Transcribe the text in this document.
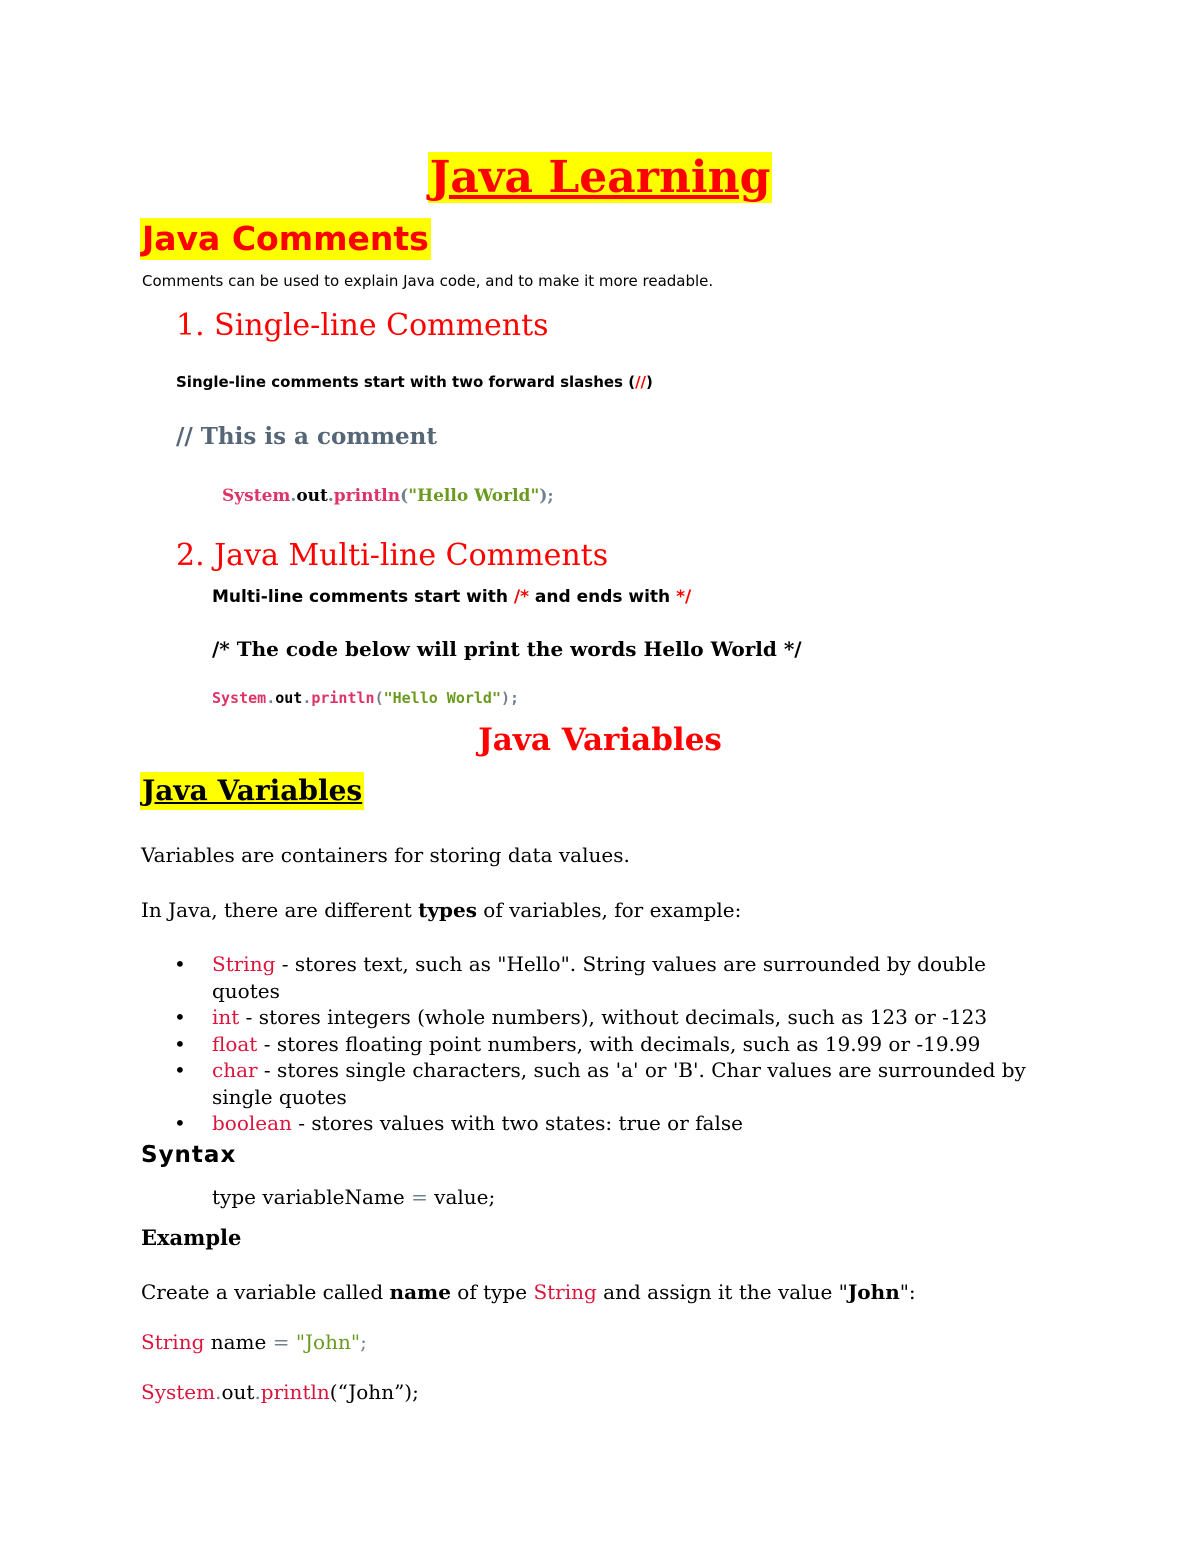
Java Learning
Java Comments
Comments can be used to explain Java code, and to make it more readable.
1. Single-line Comments
Single-line comments start with two forward slashes (//)
// This is a comment
System.out.println("Hello World");
2. Java Multi-line Comments
Multi-line comments start with /* and ends with */
/* The code below will print the words Hello World */
System.out.println("Hello World");
Java Variables
Java Variables
Variables are containers for storing data values.
In Java, there are different types of variables, for example:
• String - stores text, such as "Hello". String values are surrounded by double quotes
• int - stores integers (whole numbers), without decimals, such as 123 or -123
• float - stores floating point numbers, with decimals, such as 19.99 or -19.99
• char - stores single characters, such as 'a' or 'B'. Char values are surrounded by single quotes
• boolean - stores values with two states: true or false
Syntax
type variableName = value;
Example
Create a variable called name of type String and assign it the value "John":
String name = "John";
System.out.println(“John”);
